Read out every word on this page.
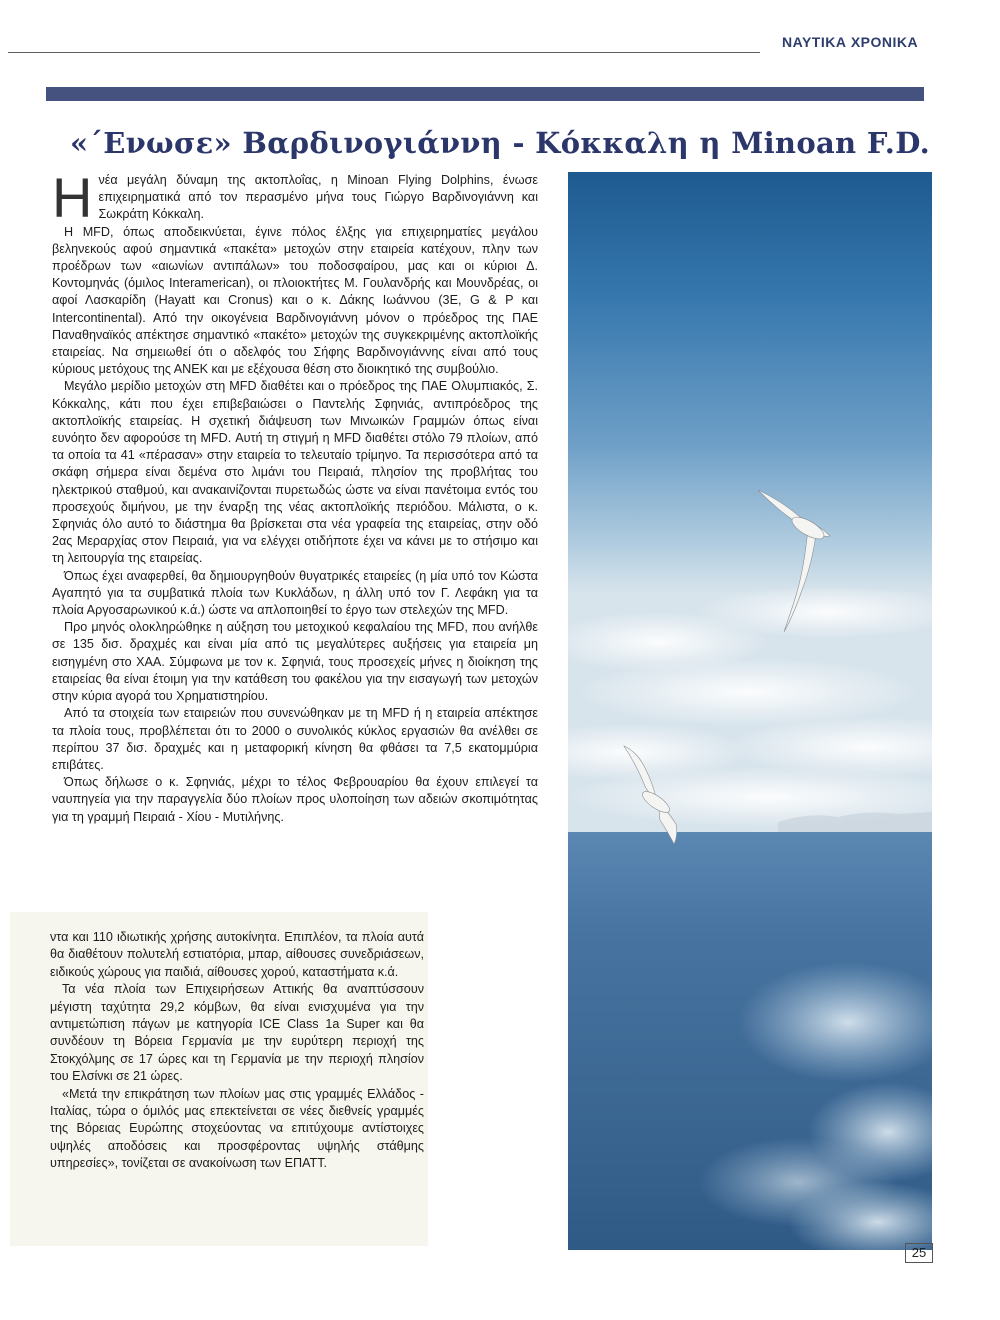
ΝΑΥΤΙΚΑ ΧΡΟΝΙΚΑ
«΄Ενωσε» Βαρδινογιάννη - Κόκκαλη η Minoan F.D.

Ηνέα μεγάλη δύναμη της ακτοπλοΐας, η Minoan Flying Dolphins, ένωσε επιχειρηματικά από τον περασμένο μήνα τους Γιώργο Βαρδινογιάννη και Σωκράτη Κόκκαλη.

Η MFD, όπως αποδεικνύεται, έγινε πόλος έλξης για επιχειρηματίες μεγάλου βεληνεκούς αφού σημαντικά «πακέτα» μετοχών στην εταιρεία κατέχουν, πλην των προέδρων των «αιωνίων αντιπάλων» του ποδοσφαίρου, μας και οι κύριοι Δ. Κοντομηνάς (όμιλος Interamerican), οι πλοιοκτήτες Μ. Γουλανδρής και Μουνδρέας, οι αφοί Λασκαρίδη (Hayatt και Cronus) και ο κ. Δάκης Ιωάννου (3Ε, G & P και Intercontinental). Από την οικογένεια Βαρδινογιάννη μόνον ο πρόεδρος της ΠΑΕ Παναθηναϊκός απέκτησε σημαντικό «πακέτο» μετοχών της συγκεκριμένης ακτοπλοϊκής εταιρείας. Να σημειωθεί ότι ο αδελφός του Σήφης Βαρδινογιάννης είναι από τους κύριους μετόχους της ΑΝΕΚ και με εξέχουσα θέση στο διοικητικό της συμβούλιο.

Μεγάλο μερίδιο μετοχών στη MFD διαθέτει και ο πρόεδρος της ΠΑΕ Ολυμπιακός, Σ. Κόκκαλης, κάτι που έχει επιβεβαιώσει ο Παντελής Σφηνιάς, αντιπρόεδρος της ακτοπλοϊκής εταιρείας. Η σχετική διάψευση των Μινωικών Γραμμών όπως είναι ευνόητο δεν αφορούσε τη MFD. Αυτή τη στιγμή η MFD διαθέτει στόλο 79 πλοίων, από τα οποία τα 41 «πέρασαν» στην εταιρεία το τελευταίο τρίμηνο. Τα περισσότερα από τα σκάφη σήμερα είναι δεμένα στο λιμάνι του Πειραιά, πλησίον της προβλήτας του ηλεκτρικού σταθμού, και ανακαινίζονται πυρετωδώς ώστε να είναι πανέτοιμα εντός του προσεχούς διμήνου, με την έναρξη της νέας ακτοπλοϊκής περιόδου. Μάλιστα, ο κ. Σφηνιάς όλο αυτό το διάστημα θα βρίσκεται στα νέα γραφεία της εταιρείας, στην οδό 2ας Μεραρχίας στον Πειραιά, για να ελέγχει οτιδήποτε έχει να κάνει με το στήσιμο και τη λειτουργία της εταιρείας.

Όπως έχει αναφερθεί, θα δημιουργηθούν θυγατρικές εταιρείες (η μία υπό τον Κώστα Αγαπητό για τα συμβατικά πλοία των Κυκλάδων, η άλλη υπό τον Γ. Λεφάκη για τα πλοία Αργοσαρωνικού κ.ά.) ώστε να απλοποιηθεί το έργο των στελεχών της MFD.

Προ μηνός ολοκληρώθηκε η αύξηση του μετοχικού κεφαλαίου της MFD, που ανήλθε σε 135 δισ. δραχμές και είναι μία από τις μεγαλύτερες αυξήσεις για εταιρεία μη εισηγμένη στο ΧΑΑ. Σύμφωνα με τον κ. Σφηνιά, τους προσεχείς μήνες η διοίκηση της εταιρείας θα είναι έτοιμη για την κατάθεση του φακέλου για την εισαγωγή των μετοχών στην κύρια αγορά του Χρηματιστηρίου.

Από τα στοιχεία των εταιρειών που συνενώθηκαν με τη MFD ή η εταιρεία απέκτησε τα πλοία τους, προβλέπεται ότι το 2000 ο συνολικός κύκλος εργασιών θα ανέλθει σε περίπου 37 δισ. δραχμές και η μεταφορική κίνηση θα φθάσει τα 7,5 εκατομμύρια επιβάτες.

Όπως δήλωσε ο κ. Σφηνιάς, μέχρι το τέλος Φεβρουαρίου θα έχουν επιλεγεί τα ναυπηγεία για την παραγγελία δύο πλοίων προς υλοποίηση των αδειών σκοπιμότητας για τη γραμμή Πειραιά - Χίου - Μυτιλήνης.

ντα και 110 ιδιωτικής χρήσης αυτοκίνητα. Επιπλέον, τα πλοία αυτά θα διαθέτουν πολυτελή εστιατόρια, μπαρ, αίθουσες συνεδριάσεων, ειδικούς χώρους για παιδιά, αίθουσες χορού, καταστήματα κ.ά.

Τα νέα πλοία των Επιχειρήσεων Αττικής θα αναπτύσσουν μέγιστη ταχύτητα 29,2 κόμβων, θα είναι ενισχυμένα για την αντιμετώπιση πάγων με κατηγορία ICE Class 1a Super και θα συνδέουν τη Βόρεια Γερμανία με την ευρύτερη περιοχή της Στοκχόλμης σε 17 ώρες και τη Γερμανία με την περιοχή πλησίον του Ελσίνκι σε 21 ώρες.

«Μετά την επικράτηση των πλοίων μας στις γραμμές Ελλάδος - Ιταλίας, τώρα ο όμιλός μας επεκτείνεται σε νέες διεθνείς γραμμές της Βόρειας Ευρώπης στοχεύοντας να επιτύχουμε αντίστοιχες υψηλές αποδόσεις και προσφέροντας υψηλής στάθμης υπηρεσίες», τονίζεται σε ανακοίνωση των ΕΠΑΤΤ.

25
